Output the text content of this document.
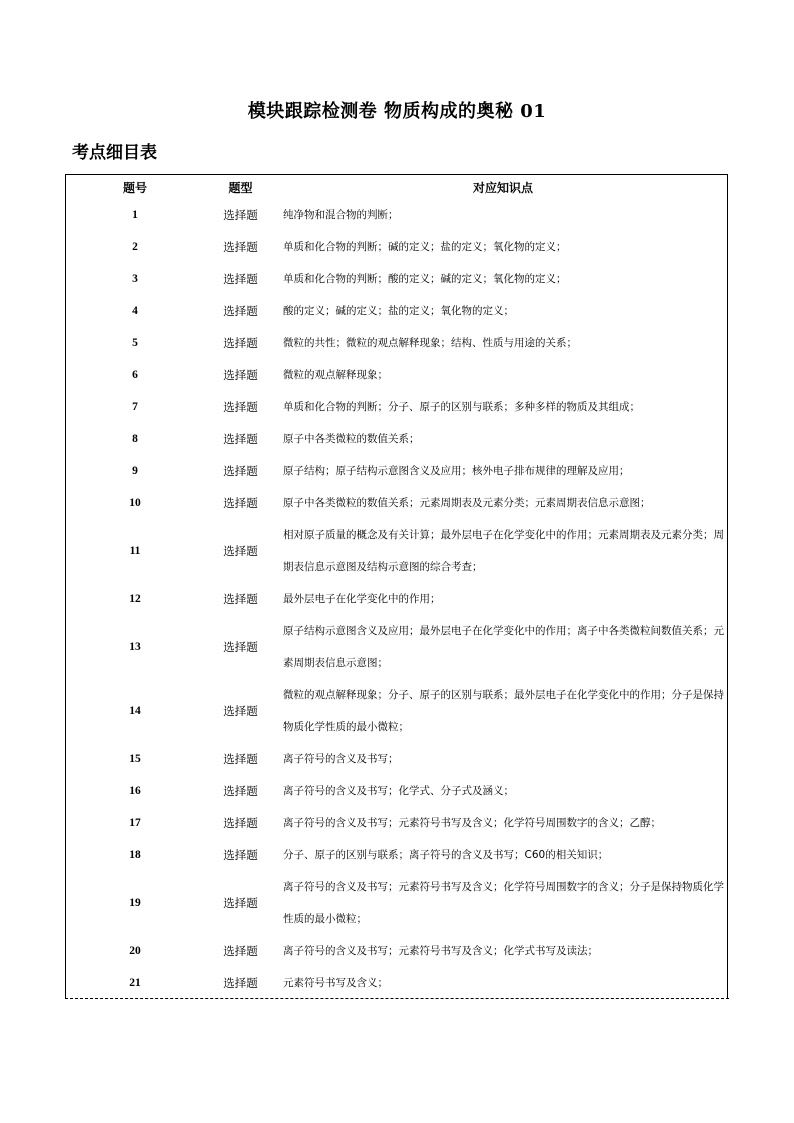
模块跟踪检测卷 物质构成的奥秘 01
考点细目表
题号	题型	对应知识点
1	选择题	纯净物和混合物的判断；
2	选择题	单质和化合物的判断；碱的定义；盐的定义；氧化物的定义；
3	选择题	单质和化合物的判断；酸的定义；碱的定义；氧化物的定义；
4	选择题	酸的定义；碱的定义；盐的定义；氧化物的定义；
5	选择题	微粒的共性；微粒的观点解释现象；结构、性质与用途的关系；
6	选择题	微粒的观点解释现象；
7	选择题	单质和化合物的判断；分子、原子的区别与联系；多种多样的物质及其组成；
8	选择题	原子中各类微粒的数值关系；
9	选择题	原子结构；原子结构示意图含义及应用；核外电子排布规律的理解及应用；
10	选择题	原子中各类微粒的数值关系；元素周期表及元素分类；元素周期表信息示意图；
11	选择题	相对原子质量的概念及有关计算；最外层电子在化学变化中的作用；元素周期表及元素分类；周期表信息示意图及结构示意图的综合考查；
12	选择题	最外层电子在化学变化中的作用；
13	选择题	原子结构示意图含义及应用；最外层电子在化学变化中的作用；离子中各类微粒间数值关系；元素周期表信息示意图；
14	选择题	微粒的观点解释现象；分子、原子的区别与联系；最外层电子在化学变化中的作用；分子是保持物质化学性质的最小微粒；
15	选择题	离子符号的含义及书写；
16	选择题	离子符号的含义及书写；化学式、分子式及涵义；
17	选择题	离子符号的含义及书写；元素符号书写及含义；化学符号周围数字的含义；乙醇；
18	选择题	分子、原子的区别与联系；离子符号的含义及书写；C60的相关知识；
19	选择题	离子符号的含义及书写；元素符号书写及含义；化学符号周围数字的含义；分子是保持物质化学性质的最小微粒；
20	选择题	离子符号的含义及书写；元素符号书写及含义；化学式书写及读法；
21	选择题	元素符号书写及含义；
